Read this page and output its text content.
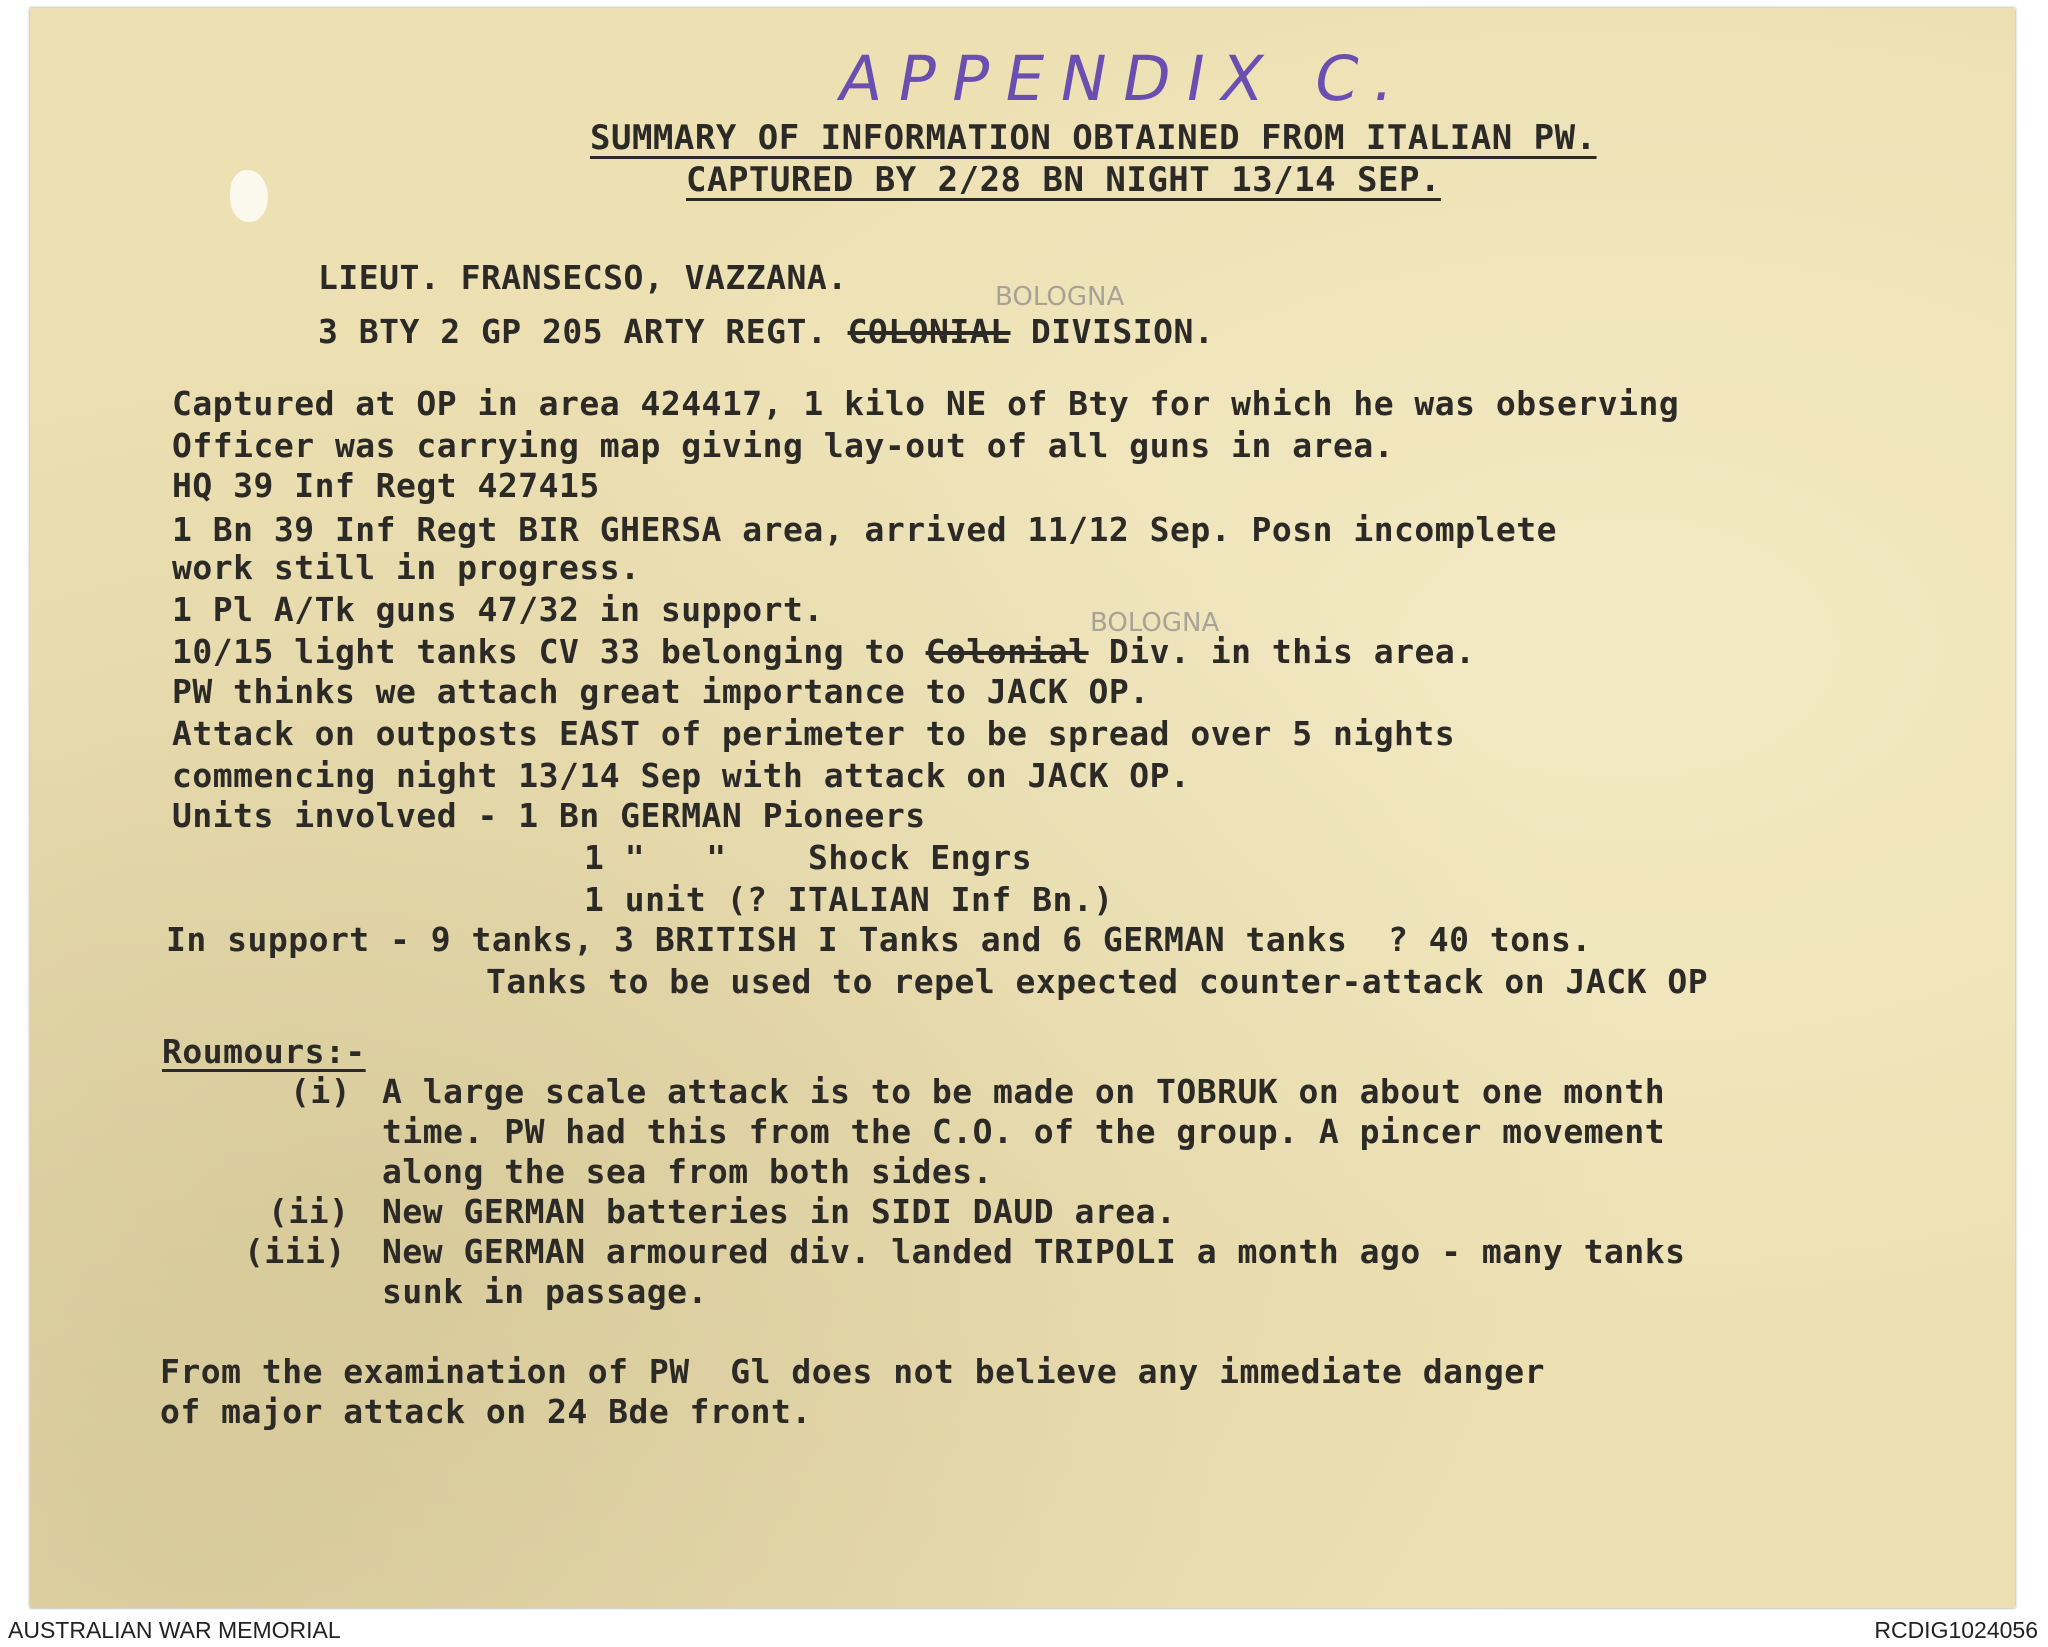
APPENDIX C.
SUMMARY OF INFORMATION OBTAINED FROM ITALIAN PW.
CAPTURED BY 2/28 BN NIGHT 13/14 SEP.
LIEUT. FRANSECSO, VAZZANA.	BOLOGNA
3 BTY 2 GP 205 ARTY REGT. COLONIAL DIVISION.
Captured at OP in area 424417, 1 kilo NE of Bty for which he was observing
Officer was carrying map giving lay-out of all guns in area.
HQ 39 Inf Regt 427415
1 Bn 39 Inf Regt BIR GHERSA area, arrived 11/12 Sep. Posn incomplete
work still in progress.
1 Pl A/Tk guns 47/32 in support.	BOLOGNA
10/15 light tanks CV 33 belonging to Colonial Div. in this area.
PW thinks we attach great importance to JACK OP.
Attack on outposts EAST of perimeter to be spread over 5 nights
commencing night 13/14 Sep with attack on JACK OP.
Units involved - 1 Bn GERMAN Pioneers
1 "   "    Shock Engrs
1 unit (? ITALIAN Inf Bn.)
In support - 9 tanks, 3 BRITISH I Tanks and 6 GERMAN tanks  ? 40 tons.
Tanks to be used to repel expected counter-attack on JACK OP
Roumours:-
(i) A large scale attack is to be made on TOBRUK on about one month
time. PW had this from the C.O. of the group. A pincer movement
along the sea from both sides.
(ii) New GERMAN batteries in SIDI DAUD area.
(iii) New GERMAN armoured div. landed TRIPOLI a month ago - many tanks
sunk in passage.
From the examination of PW  Gl does not believe any immediate danger
of major attack on 24 Bde front.
AUSTRALIAN WAR MEMORIAL	RCDIG1024056
